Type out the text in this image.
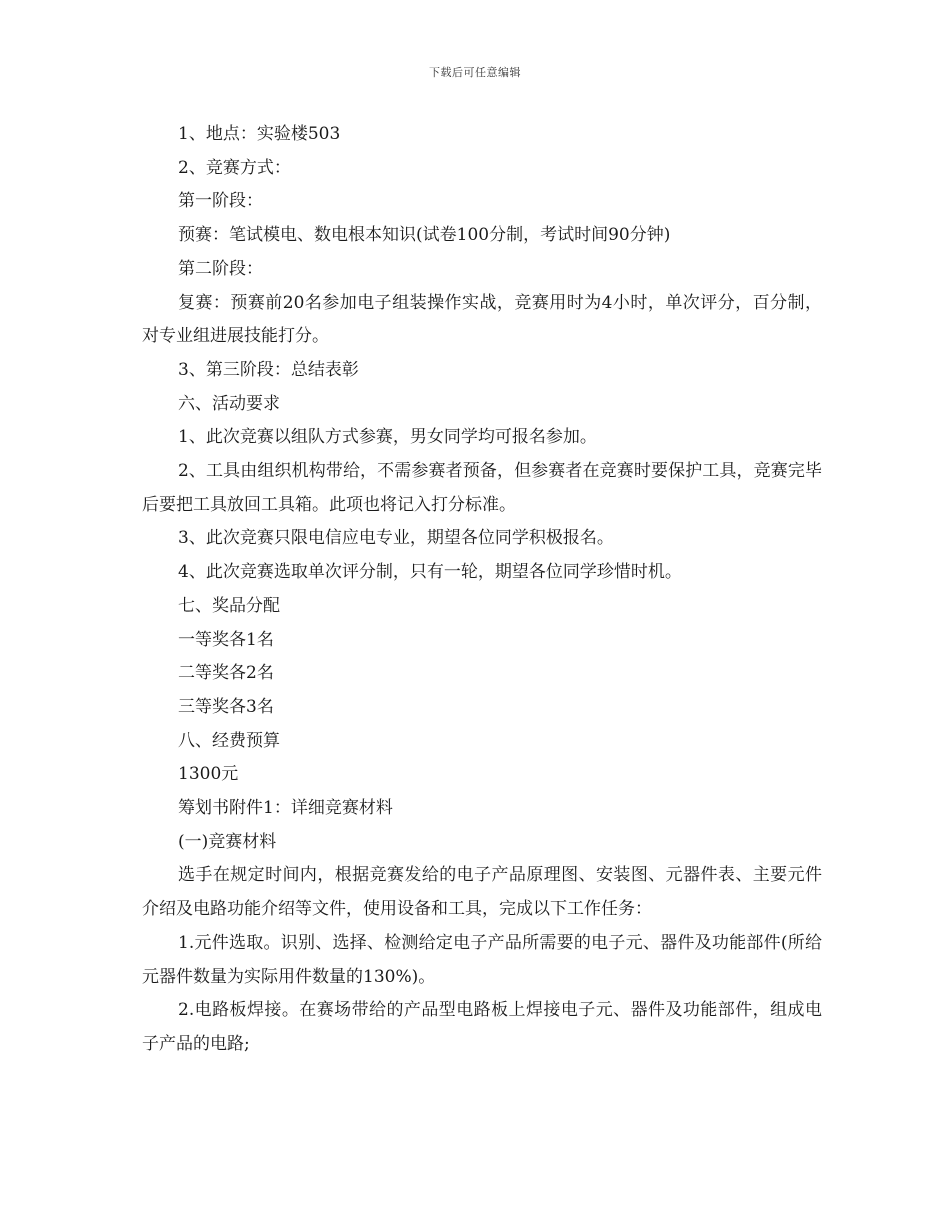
下载后可任意编辑

1、地点：实验楼503

2、竞赛方式：

第一阶段：

预赛：笔试模电、数电根本知识(试卷100分制，考试时间90分钟)

第二阶段：

复赛：预赛前20名参加电子组装操作实战，竞赛用时为4小时，单次评分，百分制，对专业组进展技能打分。

3、第三阶段：总结表彰

六、活动要求

1、此次竞赛以组队方式参赛，男女同学均可报名参加。

2、工具由组织机构带给，不需参赛者预备，但参赛者在竞赛时要保护工具，竞赛完毕后要把工具放回工具箱。此项也将记入打分标准。

3、此次竞赛只限电信应电专业，期望各位同学积极报名。

4、此次竞赛选取单次评分制，只有一轮，期望各位同学珍惜时机。

七、奖品分配

一等奖各1名

二等奖各2名

三等奖各3名

八、经费预算

1300元

筹划书附件1：详细竞赛材料

(一)竞赛材料

选手在规定时间内，根据竞赛发给的电子产品原理图、安装图、元器件表、主要元件介绍及电路功能介绍等文件，使用设备和工具，完成以下工作任务：

1.元件选取。识别、选择、检测给定电子产品所需要的电子元、器件及功能部件(所给元器件数量为实际用件数量的130%)。

2.电路板焊接。在赛场带给的产品型电路板上焊接电子元、器件及功能部件，组成电子产品的电路;
